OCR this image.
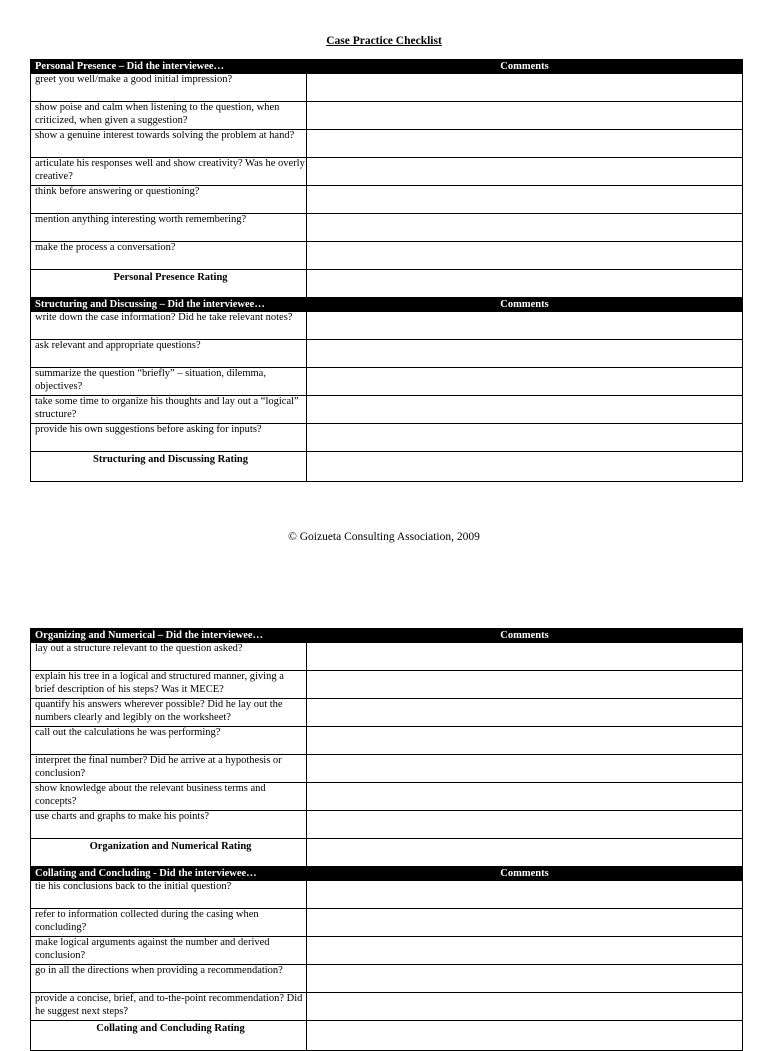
Case Practice Checklist
Personal Presence – Did the interviewee…	Comments
greet you well/make a good initial impression?	
show poise and calm when listening to the question, when criticized, when given a suggestion?	
show a genuine interest towards solving the problem at hand?	
articulate his responses well and show creativity? Was he overly creative?	
think before answering or questioning?	
mention anything interesting worth remembering?	
make the process a conversation?	
Personal Presence Rating	
Structuring and Discussing – Did the interviewee…	Comments
write down the case information? Did he take relevant notes?	
ask relevant and appropriate questions?	
summarize the question “briefly” – situation, dilemma, objectives?	
take some time to organize his thoughts and lay out a “logical” structure?	
provide his own suggestions before asking for inputs?	
Structuring and Discussing Rating	
© Goizueta Consulting Association, 2009
Organizing and Numerical – Did the interviewee…	Comments
lay out a structure relevant to the question asked?	
explain his tree in a logical and structured manner, giving a brief description of his steps? Was it MECE?	
quantify his answers wherever possible? Did he lay out the numbers clearly and legibly on the worksheet?	
call out the calculations he was performing?	
interpret the final number? Did he arrive at a hypothesis or conclusion?	
show knowledge about the relevant business terms and concepts?	
use charts and graphs to make his points?	
Organization and Numerical Rating	
Collating and Concluding - Did the interviewee…	Comments
tie his conclusions back to the initial question?	
refer to information collected during the casing when concluding?	
make logical arguments against the number and derived conclusion?	
go in all the directions when providing a recommendation?	
provide a concise, brief, and to-the-point recommendation? Did he suggest next steps?	
Collating and Concluding Rating	
